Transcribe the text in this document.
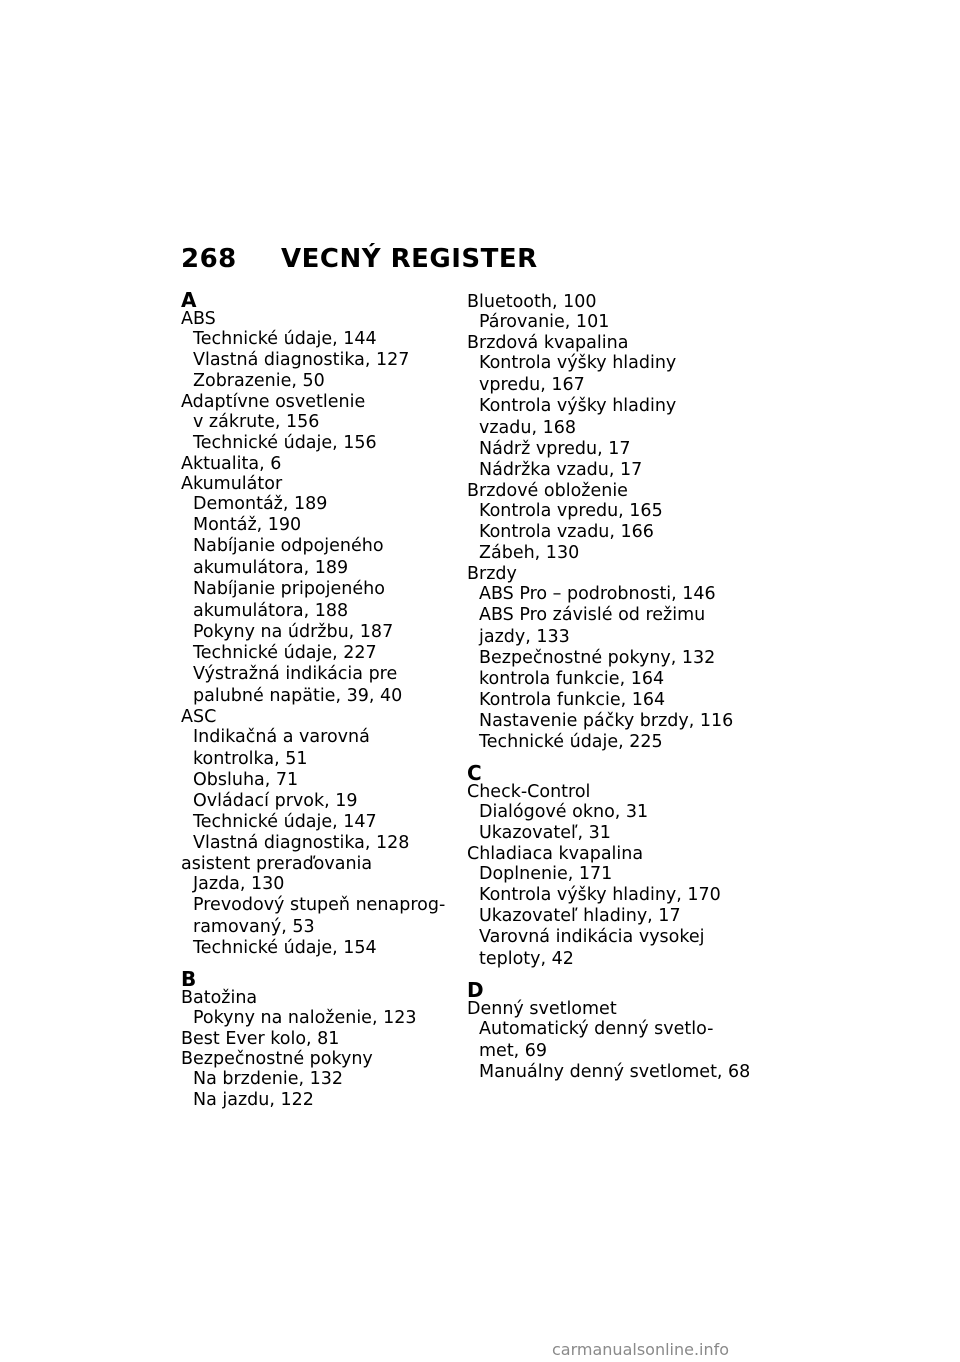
268 VECNÝ REGISTER
A
ABS
Technické údaje, 144
Vlastná diagnostika, 127
Zobrazenie, 50
Adaptívne osvetlenie
v zákrute, 156
Technické údaje, 156
Aktualita, 6
Akumulátor
Demontáž, 189
Montáž, 190
Nabíjanie odpojeného
akumulátora, 189
Nabíjanie pripojeného
akumulátora, 188
Pokyny na údržbu, 187
Technické údaje, 227
Výstražná indikácia pre
palubné napätie, 39, 40
ASC
Indikačná a varovná
kontrolka, 51
Obsluha, 71
Ovládací prvok, 19
Technické údaje, 147
Vlastná diagnostika, 128
asistent preraďovania
Jazda, 130
Prevodový stupeň nenaprog-
ramovaný, 53
Technické údaje, 154
B
Batožina
Pokyny na naloženie, 123
Best Ever kolo, 81
Bezpečnostné pokyny
Na brzdenie, 132
Na jazdu, 122
Bluetooth, 100
Párovanie, 101
Brzdová kvapalina
Kontrola výšky hladiny
vpredu, 167
Kontrola výšky hladiny
vzadu, 168
Nádrž vpredu, 17
Nádržka vzadu, 17
Brzdové obloženie
Kontrola vpredu, 165
Kontrola vzadu, 166
Zábeh, 130
Brzdy
ABS Pro – podrobnosti, 146
ABS Pro závislé od režimu
jazdy, 133
Bezpečnostné pokyny, 132
kontrola funkcie, 164
Kontrola funkcie, 164
Nastavenie páčky brzdy, 116
Technické údaje, 225
C
Check-Control
Dialógové okno, 31
Ukazovateľ, 31
Chladiaca kvapalina
Doplnenie, 171
Kontrola výšky hladiny, 170
Ukazovateľ hladiny, 17
Varovná indikácia vysokej
teploty, 42
D
Denný svetlomet
Automatický denný svetlo-
met, 69
Manuálny denný svetlomet, 68
carmanualsonline.info
